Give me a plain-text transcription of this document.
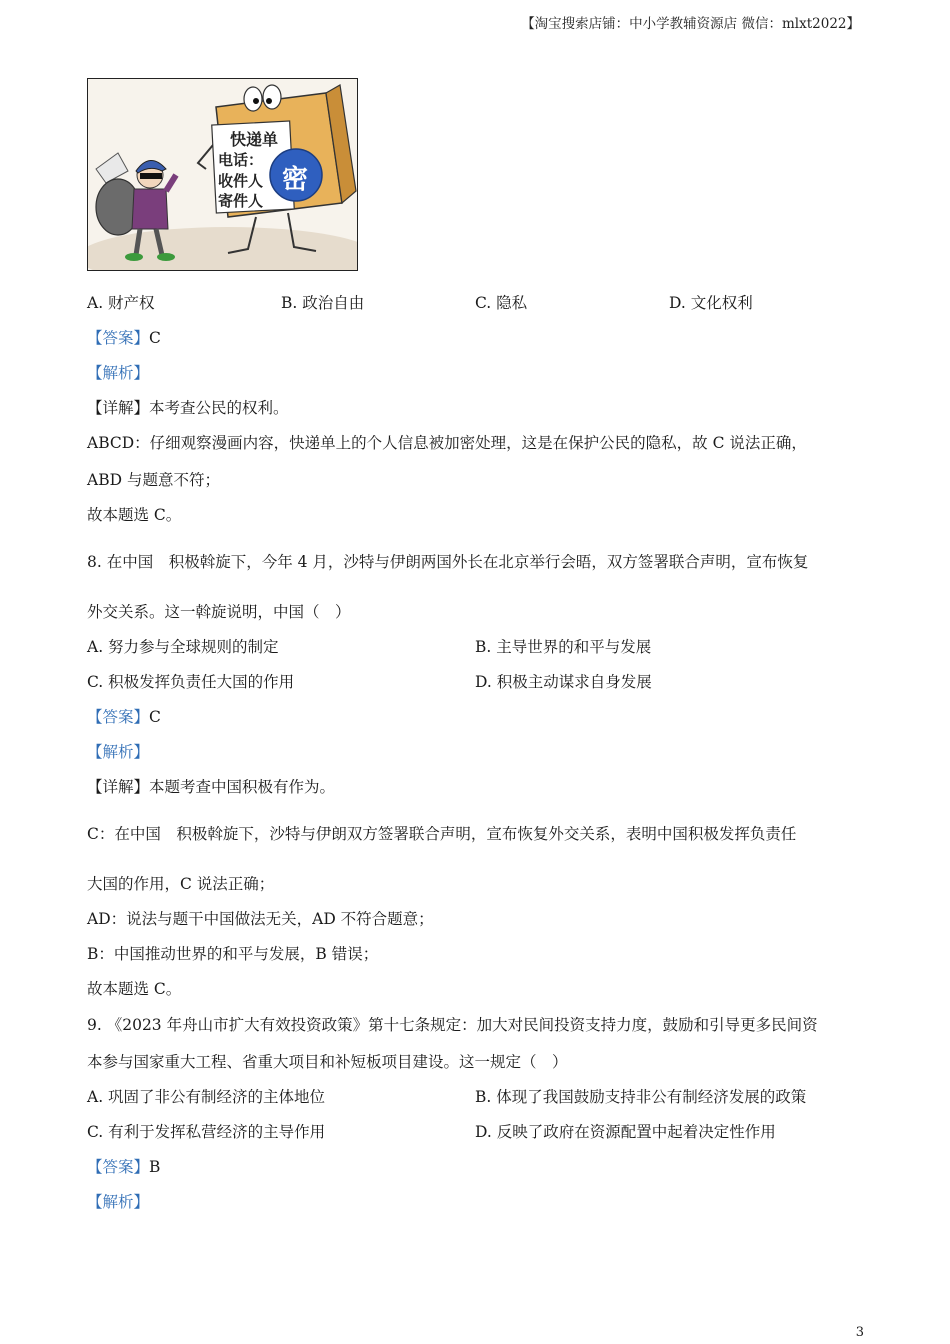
【淘宝搜索店铺：中小学教辅资源店 微信：mlxt2022】
快递单
电话：
收件人
寄件人
密
A. 财产权	B. 政治自由	C. 隐私	D. 文化权利
【答案】C
【解析】
【详解】本考查公民的权利。
ABCD：仔细观察漫画内容，快递单上的个人信息被加密处理，这是在保护公民的隐私，故 C 说法正确，
ABD 与题意不符；
故本题选 C。
8. 在中国　积极斡旋下，今年 4 月，沙特与伊朗两国外长在北京举行会晤，双方签署联合声明，宣布恢复
外交关系。这一斡旋说明，中国（　）
A. 努力参与全球规则的制定	B. 主导世界的和平与发展
C. 积极发挥负责任大国的作用	D. 积极主动谋求自身发展
【答案】C
【解析】
【详解】本题考查中国积极有作为。
C：在中国　积极斡旋下，沙特与伊朗双方签署联合声明，宣布恢复外交关系，表明中国积极发挥负责任
大国的作用，C 说法正确；
AD：说法与题干中国做法无关，AD 不符合题意；
B：中国推动世界的和平与发展，B 错误；
故本题选 C。
9. 《2023 年舟山市扩大有效投资政策》第十七条规定：加大对民间投资支持力度，鼓励和引导更多民间资
本参与国家重大工程、省重大项目和补短板项目建设。这一规定（　）
A. 巩固了非公有制经济的主体地位	B. 体现了我国鼓励支持非公有制经济发展的政策
C. 有利于发挥私营经济的主导作用	D. 反映了政府在资源配置中起着决定性作用
【答案】B
【解析】
3
